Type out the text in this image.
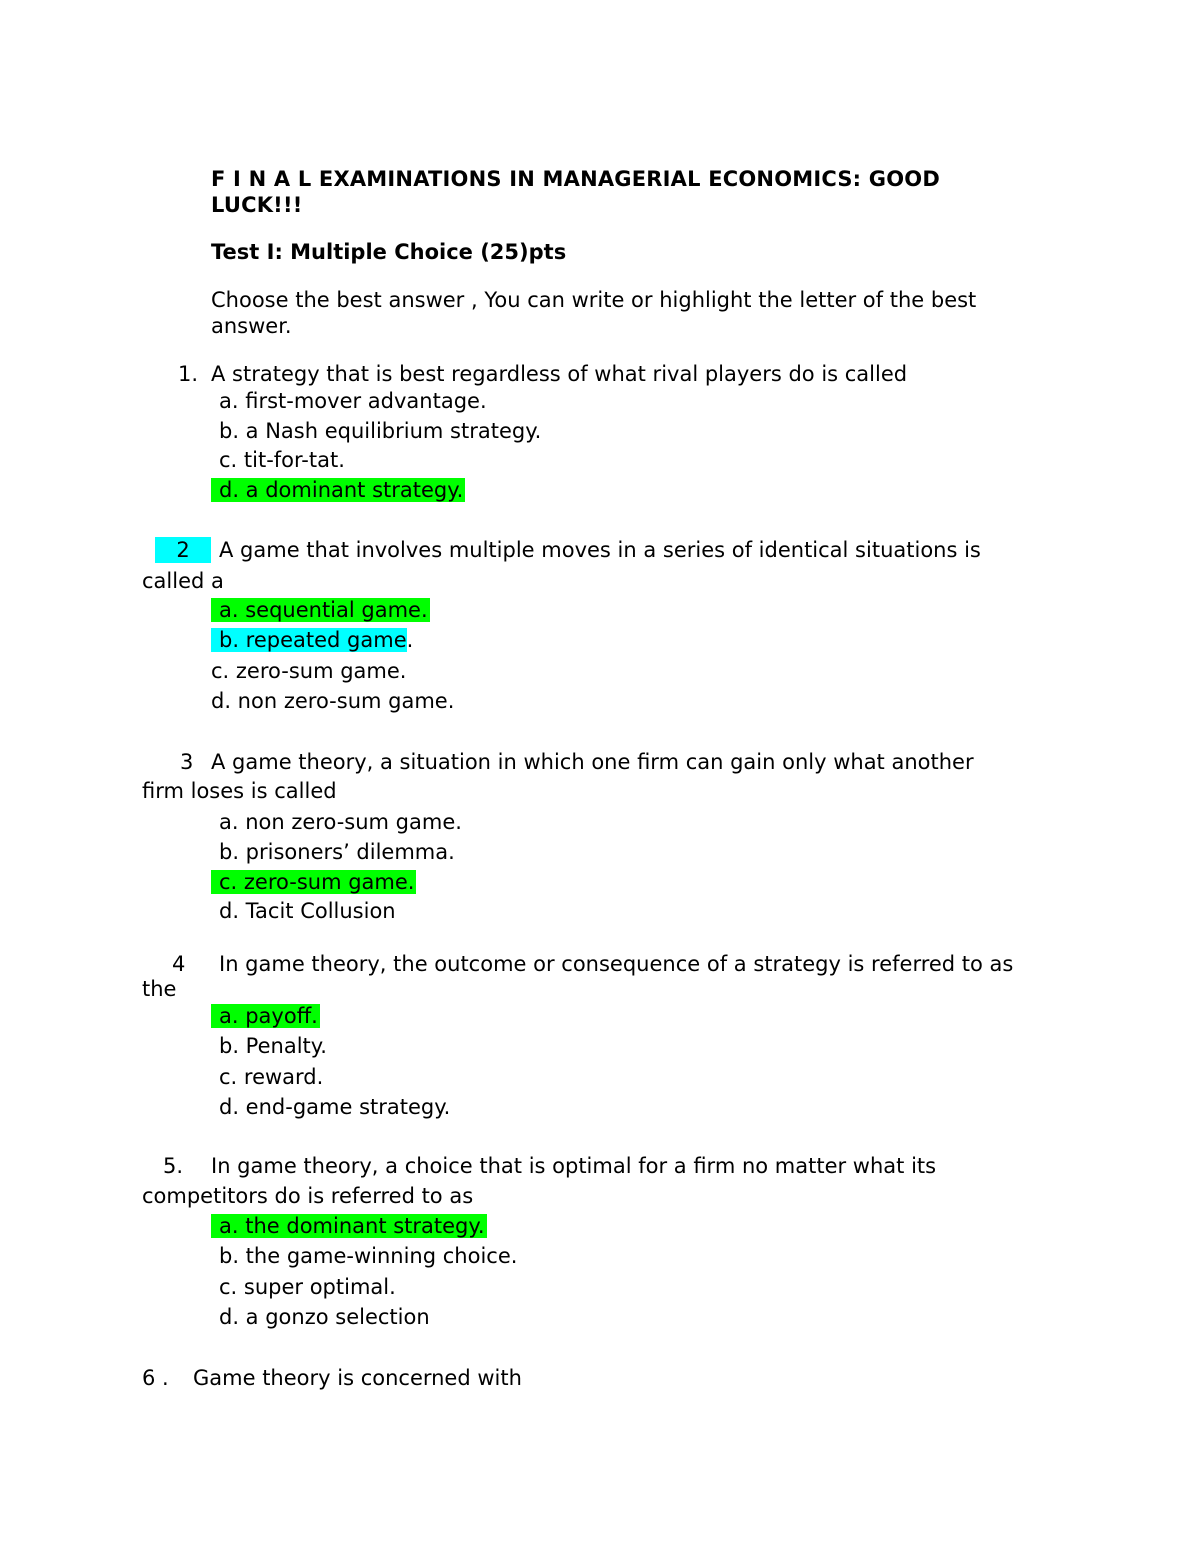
F I N A L EXAMINATIONS IN MANAGERIAL ECONOMICS: GOOD
LUCK!!!
Test I: Multiple Choice (25)pts
Choose the best answer , You can write or highlight the letter of the best
answer.
1. A strategy that is best regardless of what rival players do is called
a. first-mover advantage.
b. a Nash equilibrium strategy.
c. tit-for-tat.
d. a dominant strategy.
2	A game that involves multiple moves in a series of identical situations is
called a
a. sequential game.
b. repeated game.
c. zero-sum game.
d. non zero-sum game.
3 A game theory, a situation in which one firm can gain only what another
firm loses is called
a. non zero-sum game.
b. prisoners’ dilemma.
c. zero-sum game.
d. Tacit Collusion
4 In game theory, the outcome or consequence of a strategy is referred to as
the
a. payoff.
b. Penalty.
c. reward.
d. end-game strategy.
5. In game theory, a choice that is optimal for a firm no matter what its
competitors do is referred to as
a. the dominant strategy.
b. the game-winning choice.
c. super optimal.
d. a gonzo selection
6 . Game theory is concerned with
